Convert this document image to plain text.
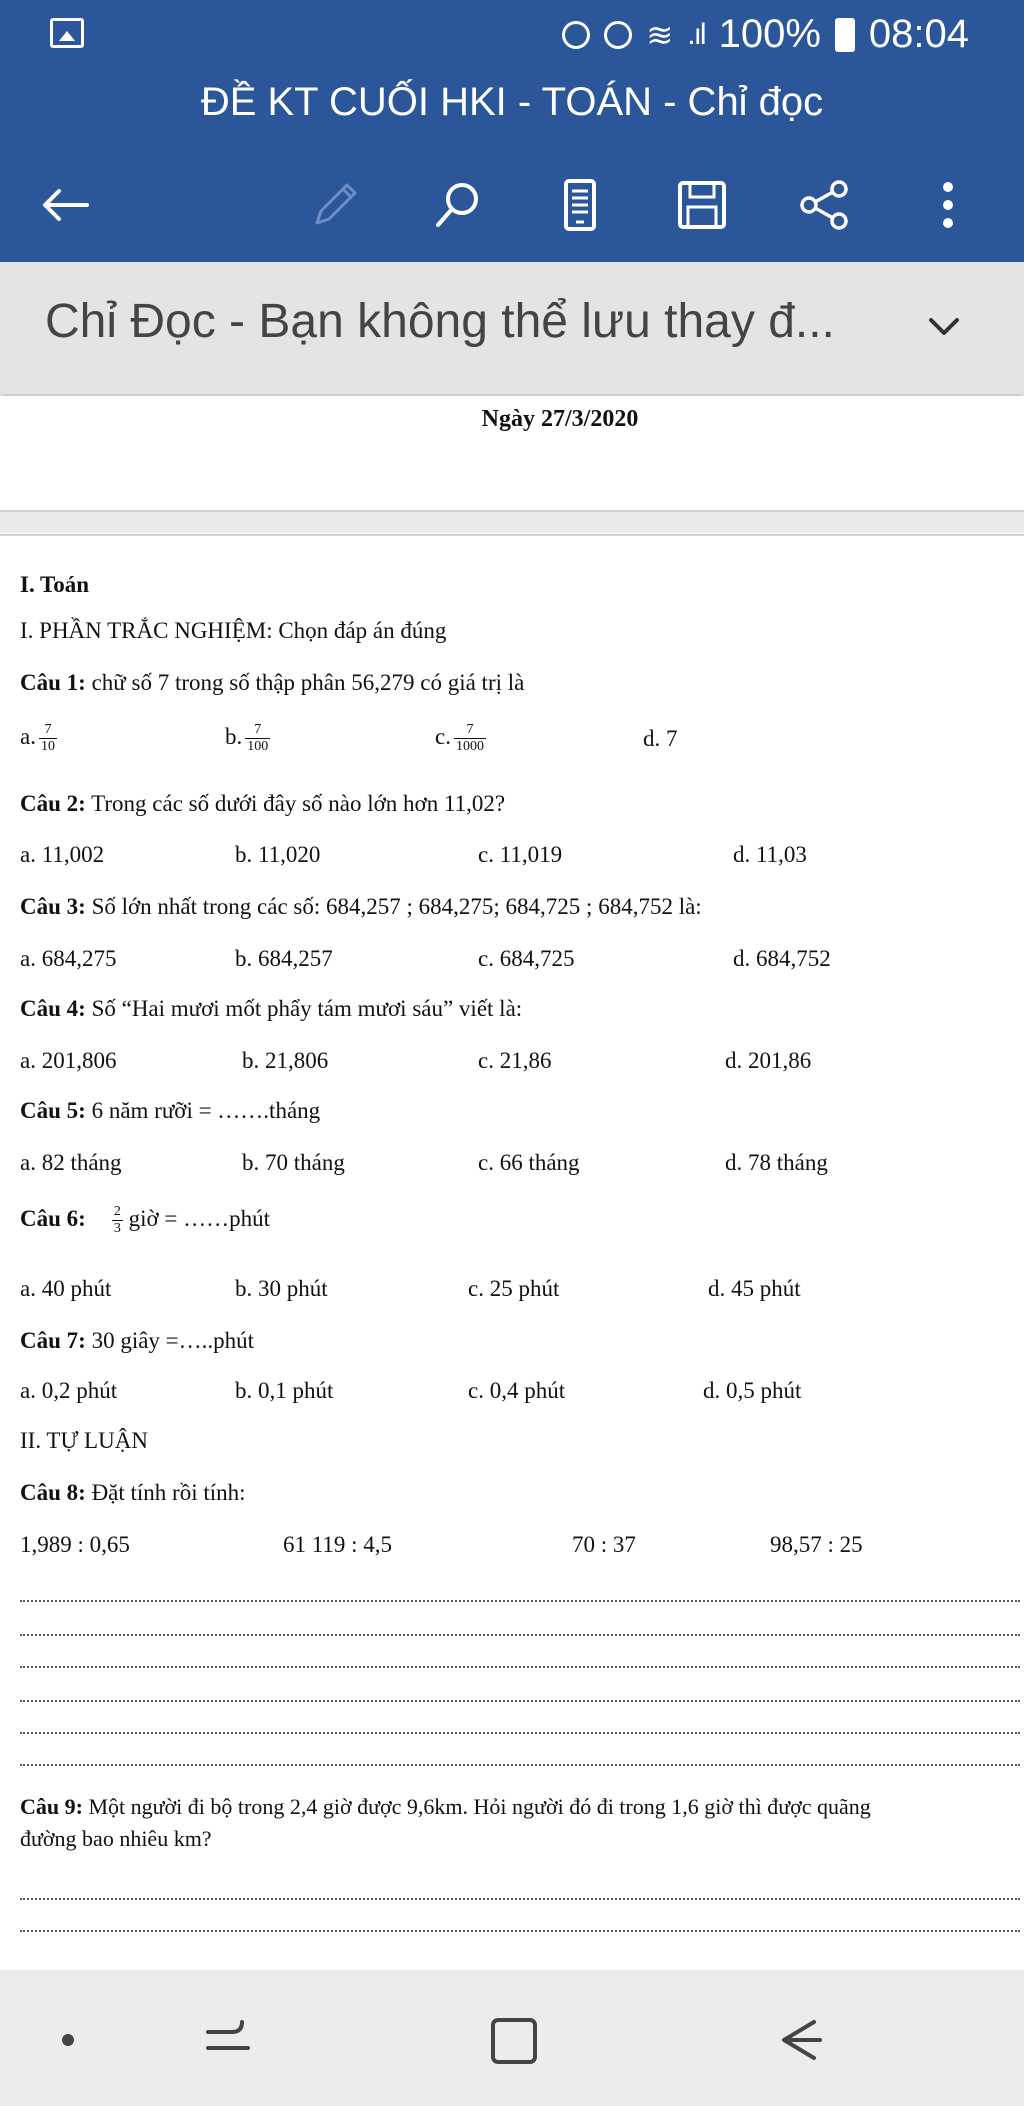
≋ .ıl 100% 08:04
ĐỀ KT CUỐI HKI - TOÁN - Chỉ đọc
Chỉ Đọc - Bạn không thể lưu thay đ...
Ngày 27/3/2020
I. Toán
I. PHẦN TRẮC NGHIỆM: Chọn đáp án đúng
Câu 1: chữ số 7 trong số thập phân 56,279 có giá trị là
a. $\frac{7}{10}$	b. $\frac{7}{100}$	c. $\frac{7}{1000}$	d. 7
Câu 2: Trong các số dưới đây số nào lớn hơn 11,02?
a. 11,002	b. 11,020	c. 11,019	d. 11,03
Câu 3: Số lớn nhất trong các số: 684,257 ; 684,275; 684,725 ; 684,752 là:
a. 684,275	b. 684,257	c. 684,725	d. 684,752
Câu 4: Số “Hai mươi mốt phẩy tám mươi sáu” viết là:
a. 201,806	b. 21,806	c. 21,86	d. 201,86
Câu 5: 6 năm rưỡi = …….tháng
a. 82 tháng	b. 70 tháng	c. 66 tháng	d. 78 tháng
Câu 6: $\frac{2}{3}$ giờ = ……phút
a. 40 phút	b. 30 phút	c. 25 phút	d. 45 phút
Câu 7: 30 giây =…..phút
a. 0,2 phút	b. 0,1 phút	c. 0,4 phút	d. 0,5 phút
II. TỰ LUẬN
Câu 8: Đặt tính rồi tính:
1,989 : 0,65	61 119 : 4,5	70 : 37	98,57 : 25
Câu 9: Một người đi bộ trong 2,4 giờ được 9,6km. Hỏi người đó đi trong 1,6 giờ thì được quãng
đường bao nhiêu km?
